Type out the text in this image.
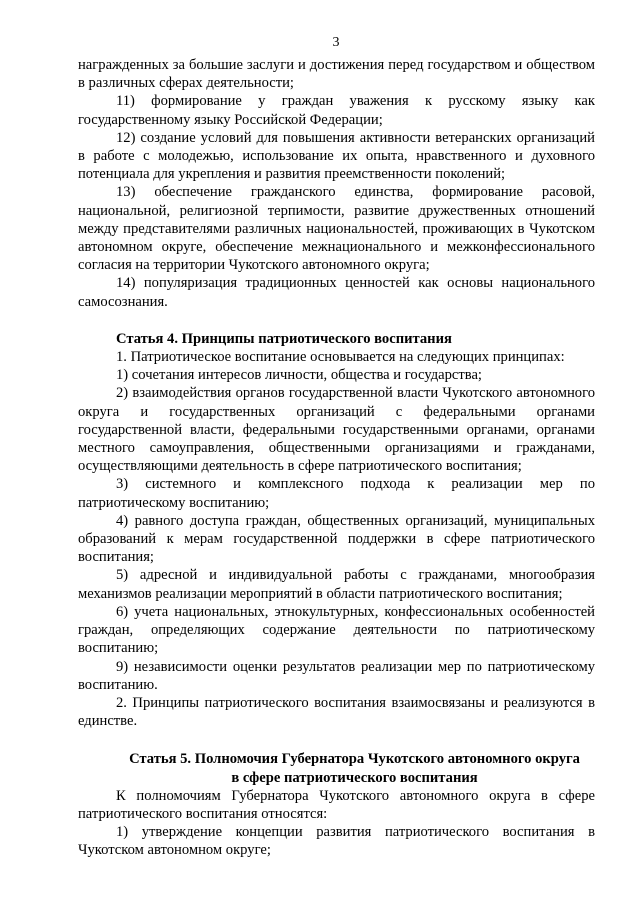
3

награжденных за большие заслуги и достижения перед государством и обществом в различных сферах деятельности;

11) формирование у граждан уважения к русскому языку как государственному языку Российской Федерации;

12) создание условий для повышения активности ветеранских организаций в работе с молодежью, использование их опыта, нравственного и духовного потенциала для укрепления и развития преемственности поколений;

13) обеспечение гражданского единства, формирование расовой, национальной, религиозной терпимости, развитие дружественных отношений между представителями различных национальностей, проживающих в Чукотском автономном округе, обеспечение межнационального и межконфессионального согласия на территории Чукотского автономного округа;

14) популяризация традиционных ценностей как основы национального самосознания.

Статья 4. Принципы патриотического воспитания

1. Патриотическое воспитание основывается на следующих принципах:

1) сочетания интересов личности, общества и государства;

2) взаимодействия органов государственной власти Чукотского автономного округа и государственных организаций с федеральными органами государственной власти, федеральными государственными органами, органами местного самоуправления, общественными организациями и гражданами, осуществляющими деятельность в сфере патриотического воспитания;

3) системного и комплексного подхода к реализации мер по патриотическому воспитанию;

4) равного доступа граждан, общественных организаций, муниципальных образований к мерам государственной поддержки в сфере патриотического воспитания;

5) адресной и индивидуальной работы с гражданами, многообразия механизмов реализации мероприятий в области патриотического воспитания;

6) учета национальных, этнокультурных, конфессиональных особенностей граждан, определяющих содержание деятельности по патриотическому воспитанию;

9) независимости оценки результатов реализации мер по патриотическому воспитанию.

2. Принципы патриотического воспитания взаимосвязаны и реализуются в единстве.

Статья 5. Полномочия Губернатора Чукотского автономного округа
в сфере патриотического воспитания

К полномочиям Губернатора Чукотского автономного округа в сфере патриотического воспитания относятся:

1) утверждение концепции развития патриотического воспитания в Чукотском автономном округе;
